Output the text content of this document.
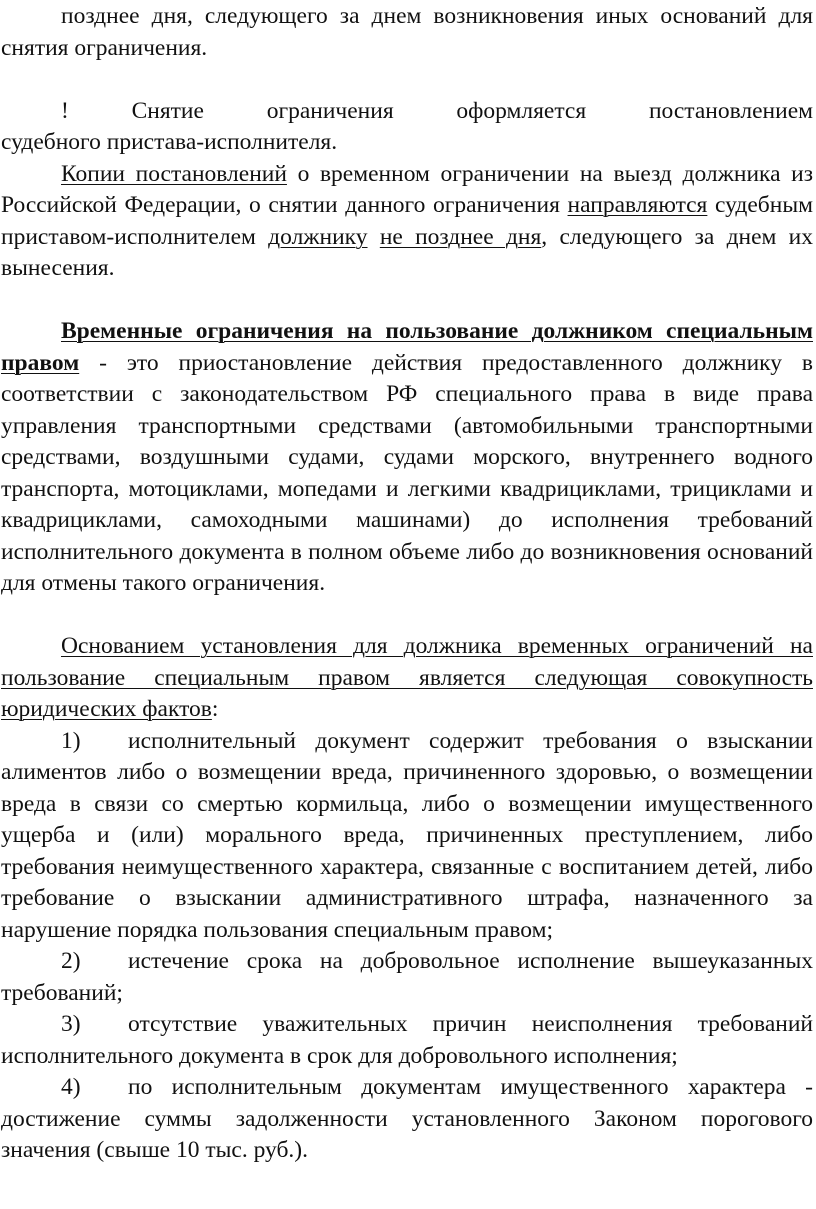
позднее дня, следующего за днем возникновения иных оснований для снятия ограничения.

!	Снятие	ограничения	оформляется	постановлением

судебного пристава-исполнителя.

Копии постановлений о временном ограничении на выезд должника из Российской Федерации, о снятии данного ограничения направляются судебным приставом-исполнителем должнику не позднее дня, следующего за днем их вынесения.

Временные ограничения на пользование должником специальным правом - это приостановление действия предоставленного должнику в соответствии с законодательством РФ специального права в виде права управления транспортными средствами (автомобильными транспортными средствами, воздушными судами, судами морского, внутреннего водного транспорта, мотоциклами, мопедами и легкими квадрициклами, трициклами и квадрициклами, самоходными машинами) до исполнения требований исполнительного документа в полном объеме либо до возникновения оснований для отмены такого ограничения.

Основанием установления для должника временных ограничений на пользование специальным правом является следующая совокупность юридических фактов:

1) исполнительный документ содержит требования о взыскании алиментов либо о возмещении вреда, причиненного здоровью, о возмещении вреда в связи со смертью кормильца, либо о возмещении имущественного ущерба и (или) морального вреда, причиненных преступлением, либо требования неимущественного характера, связанные с воспитанием детей, либо требование о взыскании административного штрафа, назначенного за нарушение порядка пользования специальным правом;

2) истечение срока на добровольное исполнение вышеуказанных требований;

3) отсутствие уважительных причин неисполнения требований исполнительного документа в срок для добровольного исполнения;

4) по исполнительным документам имущественного характера - достижение суммы задолженности установленного Законом порогового значения (свыше 10 тыс. руб.).
